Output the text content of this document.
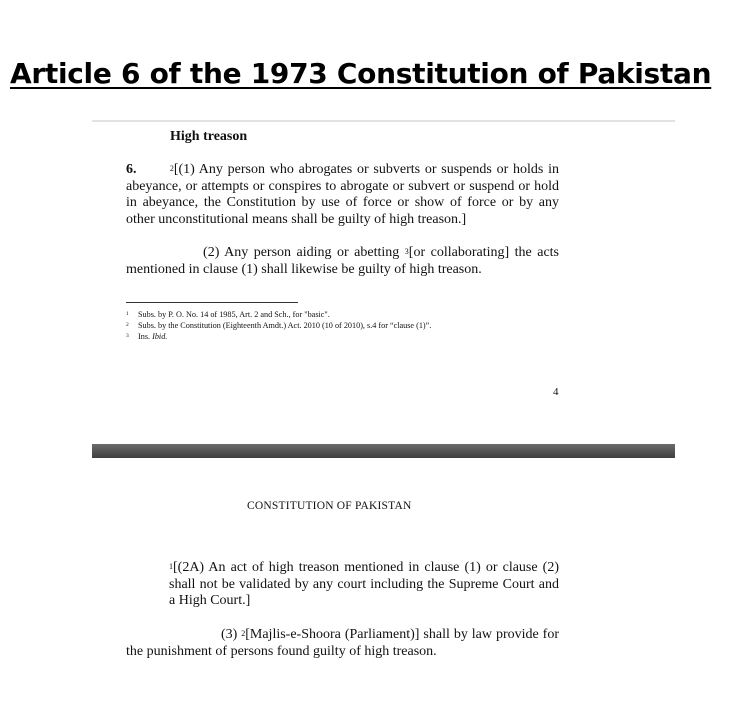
Article 6 of the 1973 Constitution of Pakistan
High treason
6.	$^2$[(1) Any person who abrogates or subverts or suspends or holds in abeyance, or attempts or conspires to abrogate or subvert or suspend or hold in abeyance, the Constitution by use of force or show of force or by any other unconstitutional means shall be guilty of high treason.]
(2) Any person aiding or abetting $^3$[or collaborating] the acts mentioned in clause (1) shall likewise be guilty of high treason.
1 Subs. by P. O. No. 14 of 1985, Art. 2 and Sch., for "basic".
2 Subs. by the Constitution (Eighteenth Amdt.) Act. 2010 (10 of 2010), s.4 for “clause (1)”.
3 Ins. Ibid.
4
CONSTITUTION OF PAKISTAN
$^1$[(2A) An act of high treason mentioned in clause (1) or clause (2) shall not be validated by any court including the Supreme Court and a High Court.]
(3) $^2$[Majlis-e-Shoora (Parliament)] shall by law provide for the punishment of persons found guilty of high treason.
